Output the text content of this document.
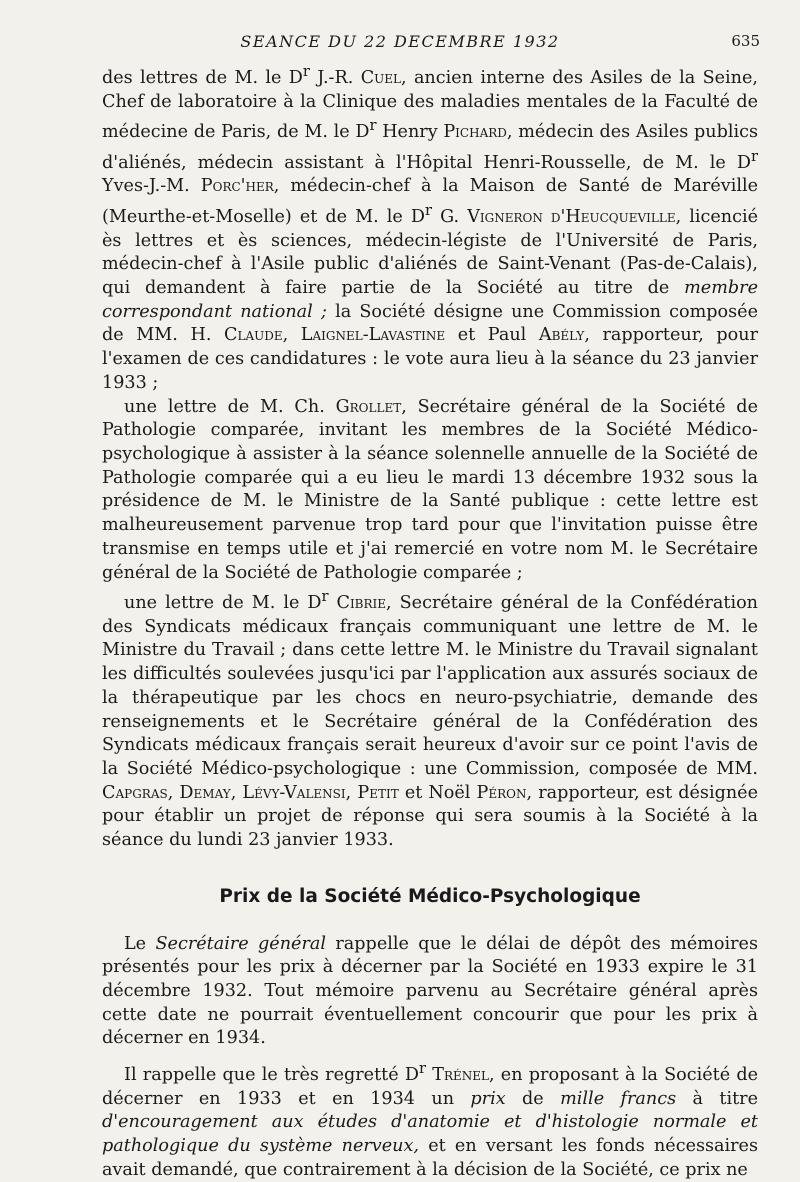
SEANCE DU 22 DECEMBRE 1932	635

des lettres de M. le $D^r$ J.-R. Cuel, ancien interne des Asiles de la Seine, Chef de laboratoire à la Clinique des maladies mentales de la Faculté de médecine de Paris, de M. le $D^r$ Henry Pichard, médecin des Asiles publics d'aliénés, médecin assistant à l'Hôpital Henri-Rousselle, de M. le $D^r$ Yves-J.-M. Porc'her, médecin-chef à la Maison de Santé de Maréville (Meurthe-et-Moselle) et de M. le $D^r$ G. Vigneron d'Heucqueville, licencié ès lettres et ès sciences, médecin-légiste de l'Université de Paris, médecin-chef à l'Asile public d'aliénés de Saint-Venant (Pas-de-Calais), qui demandent à faire partie de la Société au titre de membre correspondant national ; la Société désigne une Commission composée de MM. H. Claude, Laignel-Lavastine et Paul Abély, rapporteur, pour l'examen de ces candidatures : le vote aura lieu à la séance du 23 janvier 1933 ;

une lettre de M. Ch. Grollet, Secrétaire général de la Société de Pathologie comparée, invitant les membres de la Société Médico-psychologique à assister à la séance solennelle annuelle de la Société de Pathologie comparée qui a eu lieu le mardi 13 décembre 1932 sous la présidence de M. le Ministre de la Santé publique : cette lettre est malheureusement parvenue trop tard pour que l'invitation puisse être transmise en temps utile et j'ai remercié en votre nom M. le Secrétaire général de la Société de Pathologie comparée ;

une lettre de M. le $D^r$ Cibrie, Secrétaire général de la Confédération des Syndicats médicaux français communiquant une lettre de M. le Ministre du Travail ; dans cette lettre M. le Ministre du Travail signalant les difficultés soulevées jusqu'ici par l'application aux assurés sociaux de la thérapeutique par les chocs en neuro-psychiatrie, demande des renseignements et le Secrétaire général de la Confédération des Syndicats médicaux français serait heureux d'avoir sur ce point l'avis de la Société Médico-psychologique : une Commission, composée de MM. Capgras, Demay, Lévy-Valensi, Petit et Noël Péron, rapporteur, est désignée pour établir un projet de réponse qui sera soumis à la Société à la séance du lundi 23 janvier 1933.

Prix de la Société Médico-Psychologique

Le Secrétaire général rappelle que le délai de dépôt des mémoires présentés pour les prix à décerner par la Société en 1933 expire le 31 décembre 1932. Tout mémoire parvenu au Secrétaire général après cette date ne pourrait éventuellement concourir que pour les prix à décerner en 1934.

Il rappelle que le très regretté $D^r$ Trénel, en proposant à la Société de décerner en 1933 et en 1934 un prix de mille francs à titre d'encouragement aux études d'anatomie et d'histologie normale et pathologique du système nerveux, et en versant les fonds nécessaires avait demandé, que contrairement à la décision de la Société, ce prix ne
